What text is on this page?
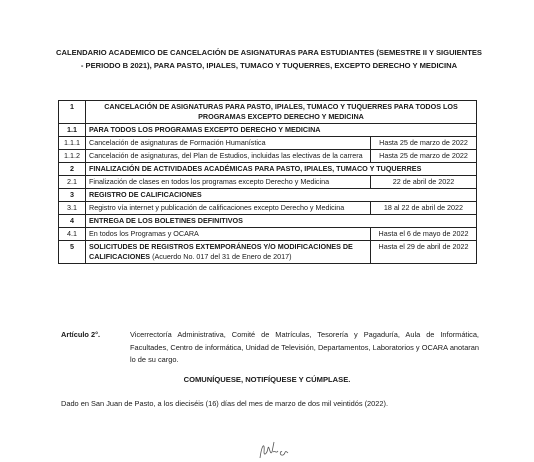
CALENDARIO ACADEMICO DE CANCELACIÓN DE ASIGNATURAS PARA ESTUDIANTES (SEMESTRE II Y SIGUIENTES - PERIODO B 2021), PARA PASTO, IPIALES, TUMACO Y TUQUERRES, EXCEPTO DERECHO Y MEDICINA
1	CANCELACIÓN DE ASIGNATURAS PARA PASTO, IPIALES, TUMACO Y TUQUERRES PARA TODOS LOS PROGRAMAS EXCEPTO DERECHO Y MEDICINA	
1.1	PARA TODOS LOS PROGRAMAS EXCEPTO DERECHO Y MEDICINA	
1.1.1	Cancelación de asignaturas de Formación Humanística	Hasta 25 de marzo de 2022
1.1.2	Cancelación de asignaturas, del Plan de Estudios, incluidas las electivas de la carrera	Hasta 25 de marzo de 2022
2	FINALIZACIÓN DE ACTIVIDADES ACADÉMICAS PARA PASTO, IPIALES, TUMACO Y TUQUERRES	
2.1	Finalización de clases en todos los programas excepto Derecho y Medicina	22 de abril de 2022
3	REGISTRO DE CALIFICACIONES	
3.1	Registro vía internet y publicación de calificaciones excepto Derecho y Medicina	18 al 22 de abril de 2022
4	ENTREGA DE LOS BOLETINES DEFINITIVOS	
4.1	En todos los Programas y OCARA	Hasta el 6 de mayo de 2022
5	SOLICITUDES DE REGISTROS EXTEMPORÁNEOS Y/O MODIFICACIONES DE CALIFICACIONES (Acuerdo No. 017 del 31 de Enero de 2017)	Hasta el 29 de abril de 2022
Artículo 2°.	Vicerrectoría Administrativa, Comité de Matrículas, Tesorería y Pagaduría, Aula de Informática, Facultades, Centro de informática, Unidad de Televisión, Departamentos, Laboratorios y OCARA anotaran lo de su cargo.
COMUNÍQUESE, NOTIFÍQUESE Y CÚMPLASE.
Dado en San Juan de Pasto, a los dieciséis (16) días del mes de marzo de dos mil veintidós (2022).
